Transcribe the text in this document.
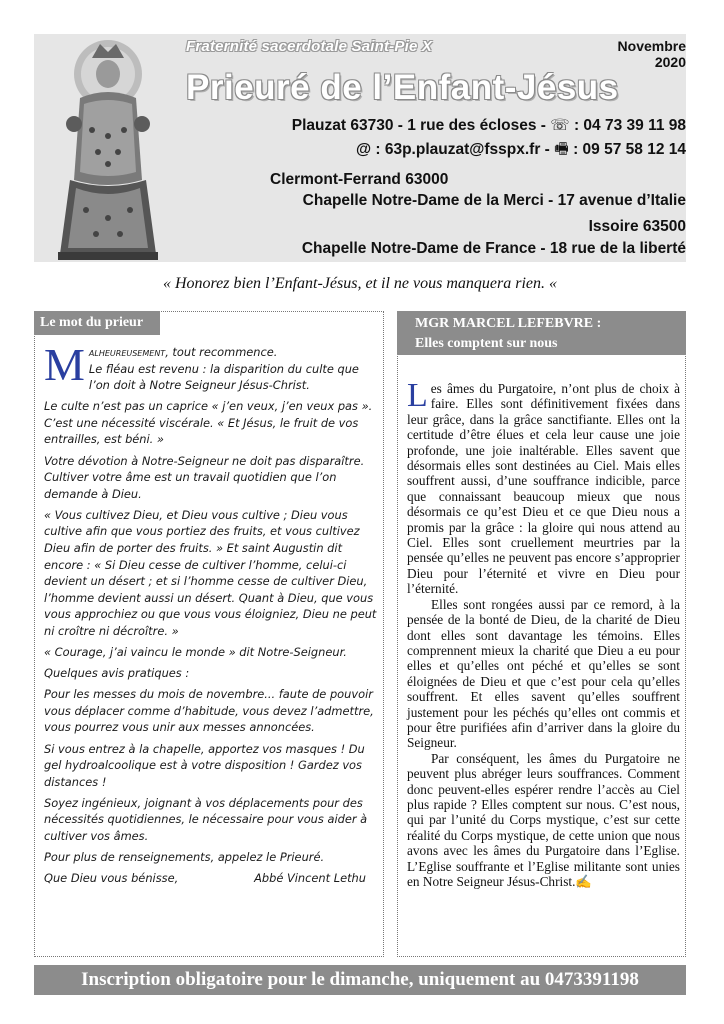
Fraternité sacerdotale Saint-Pie X	Novembre
2020
Prieuré de l’Enfant-Jésus
Plauzat 63730 - 1 rue des écloses - ☏ : 04 73 39 11 98
@ : 63p.plauzat@fsspx.fr - 🖷 : 09 57 58 12 14
Clermont-Ferrand 63000
Chapelle Notre-Dame de la Merci - 17 avenue d’Italie
Issoire 63500
Chapelle Notre-Dame de France - 18 rue de la liberté
« Honorez bien l’Enfant-Jésus, et il ne vous manquera rien. «
Le mot du prieur

M alheureusement, tout recommence.
Le fléau est revenu : la disparition du culte que l’on doit à Notre Seigneur Jésus-Christ.

Le culte n’est pas un caprice « j’en veux, j’en veux pas ». C’est une nécessité viscérale. « Et Jésus, le fruit de vos entrailles, est béni. »

Votre dévotion à Notre-Seigneur ne doit pas disparaître. Cultiver votre âme est un travail quotidien que l’on demande à Dieu.

« Vous cultivez Dieu, et Dieu vous cultive ; Dieu vous cultive afin que vous portiez des fruits, et vous cultivez Dieu afin de porter des fruits. » Et saint Augustin dit encore : « Si Dieu cesse de cultiver l’homme, celui-ci devient un désert ; et si l’homme cesse de cultiver Dieu, l’homme devient aussi un désert. Quant à Dieu, que vous vous approchiez ou que vous vous éloigniez, Dieu ne peut ni croître ni décroître. »

« Courage, j’ai vaincu le monde » dit Notre-Seigneur.

Quelques avis pratiques :

Pour les messes du mois de novembre... faute de pouvoir vous déplacer comme d’habitude, vous devez l’admettre, vous pourrez vous unir aux messes annoncées.

Si vous entrez à la chapelle, apportez vos masques ! Du gel hydroalcoolique est à votre disposition ! Gardez vos distances !

Soyez ingénieux, joignant à vos déplacements pour des nécessités quotidiennes, le nécessaire pour vous aider à cultiver vos âmes.

Pour plus de renseignements, appelez le Prieuré.

Que Dieu vous bénisse,	Abbé Vincent Lethu

MGR MARCEL LEFEBVRE :
Elles comptent sur nous

Les âmes du Purgatoire, n’ont plus de choix à faire. Elles sont définitivement fixées dans leur grâce, dans la grâce sanctifiante. Elles ont la certitude d’être élues et cela leur cause une joie profonde, une joie inaltérable. Elles savent que désormais elles sont destinées au Ciel. Mais elles souffrent aussi, d’une souffrance indicible, parce que connaissant beaucoup mieux que nous désormais ce qu’est Dieu et ce que Dieu nous a promis par la grâce : la gloire qui nous attend au Ciel. Elles sont cruellement meurtries par la pensée qu’elles ne peuvent pas encore s’approprier Dieu pour l’éternité et vivre en Dieu pour l’éternité.

Elles sont rongées aussi par ce remord, à la pensée de la bonté de Dieu, de la charité de Dieu dont elles sont davantage les témoins. Elles comprennent mieux la charité que Dieu a eu pour elles et qu’elles ont péché et qu’elles se sont éloignées de Dieu et que c’est pour cela qu’elles souffrent. Et elles savent qu’elles souffrent justement pour les péchés qu’elles ont commis et pour être purifiées afin d’arriver dans la gloire du Seigneur.

Par conséquent, les âmes du Purgatoire ne peuvent plus abréger leurs souffrances. Comment donc peuvent-elles espérer rendre l’accès au Ciel plus rapide ? Elles comptent sur nous. C’est nous, qui par l’unité du Corps mystique, c’est sur cette réalité du Corps mystique, de cette union que nous avons avec les âmes du Purgatoire dans l’Eglise. L’Eglise souffrante et l’Eglise militante sont unies en Notre Seigneur Jésus-Christ.✍

Inscription obligatoire pour le dimanche, uniquement au 0473391198
